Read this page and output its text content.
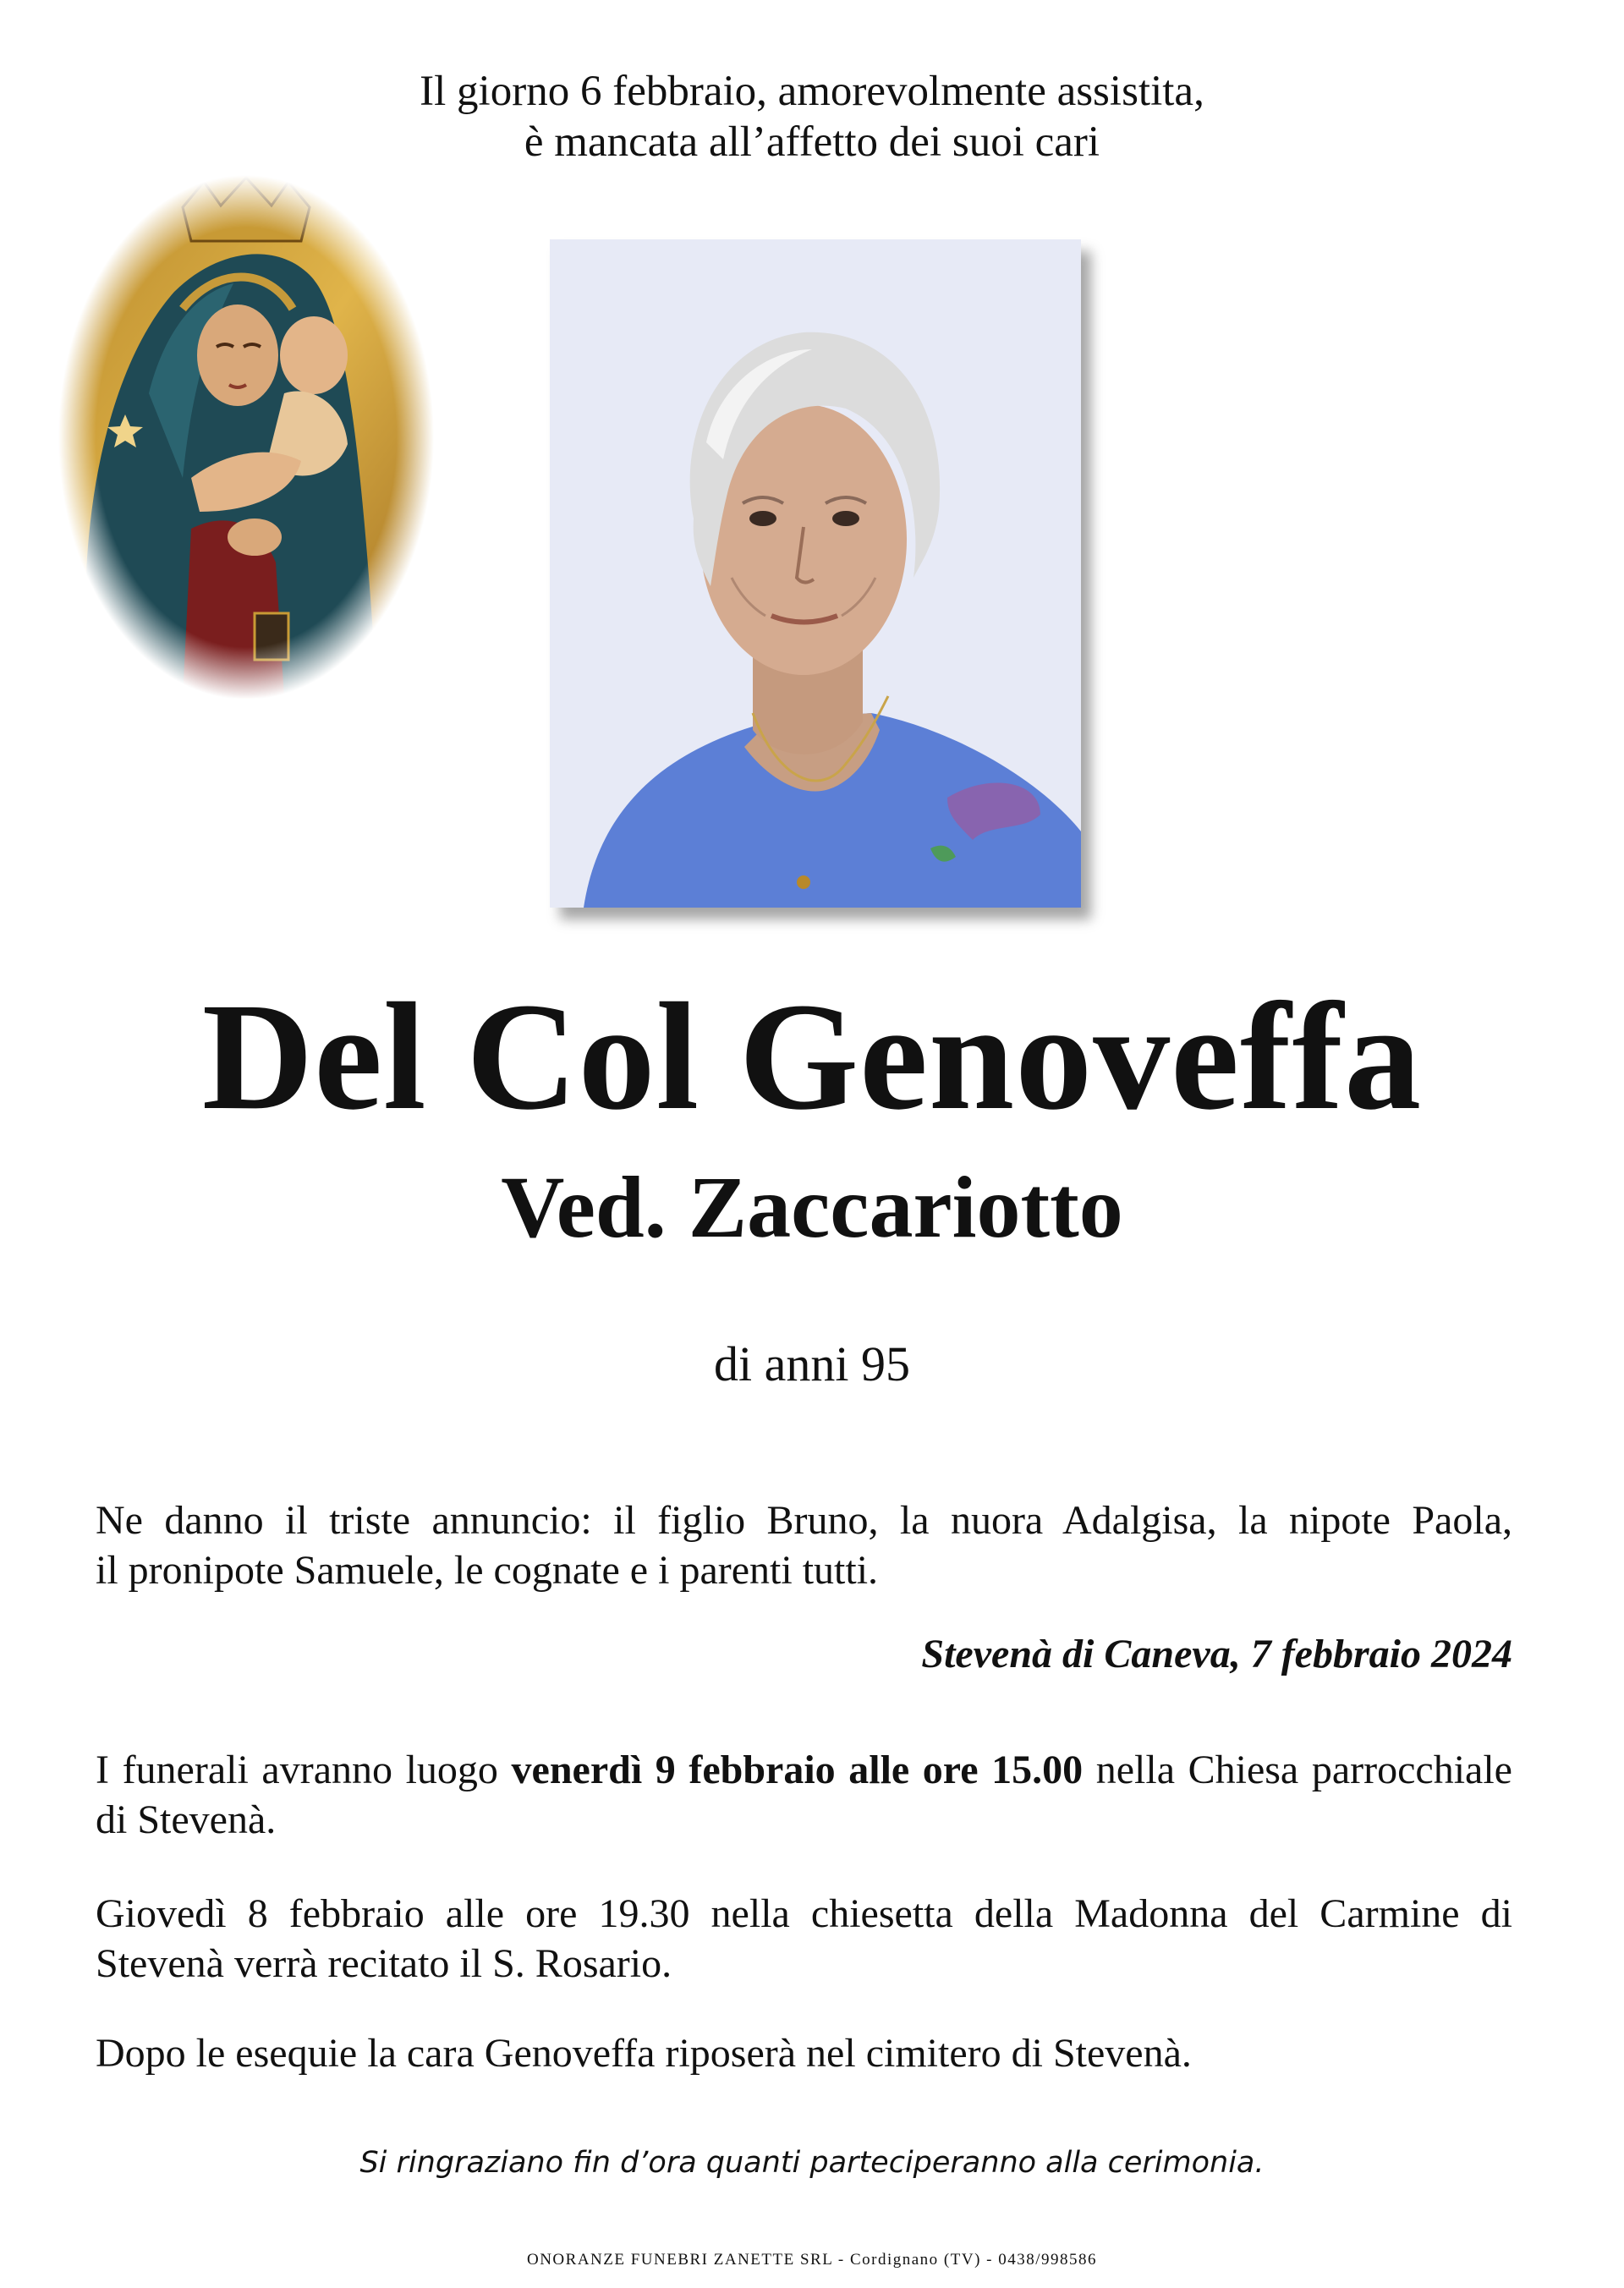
Il giorno 6 febbraio, amorevolmente assistita,
è mancata all’affetto dei suoi cari
Del Col Genoveffa
Ved. Zaccariotto
di anni 95
Ne danno il triste annuncio: il figlio Bruno, la nuora Adalgisa, la nipote Paola,
il pronipote Samuele, le cognate e i parenti tutti.
Stevenà di Caneva, 7 febbraio 2024
I funerali avranno luogo venerdì 9 febbraio alle ore 15.00 nella Chiesa parrocchiale di Stevenà.
Giovedì 8 febbraio alle ore 19.30 nella chiesetta della Madonna del Carmine di Stevenà verrà recitato il S. Rosario.
Dopo le esequie la cara Genoveffa riposerà nel cimitero di Stevenà.
Si ringraziano fin d’ora quanti parteciperanno alla cerimonia.
ONORANZE FUNEBRI ZANETTE SRL - Cordignano (TV) - 0438/998586
